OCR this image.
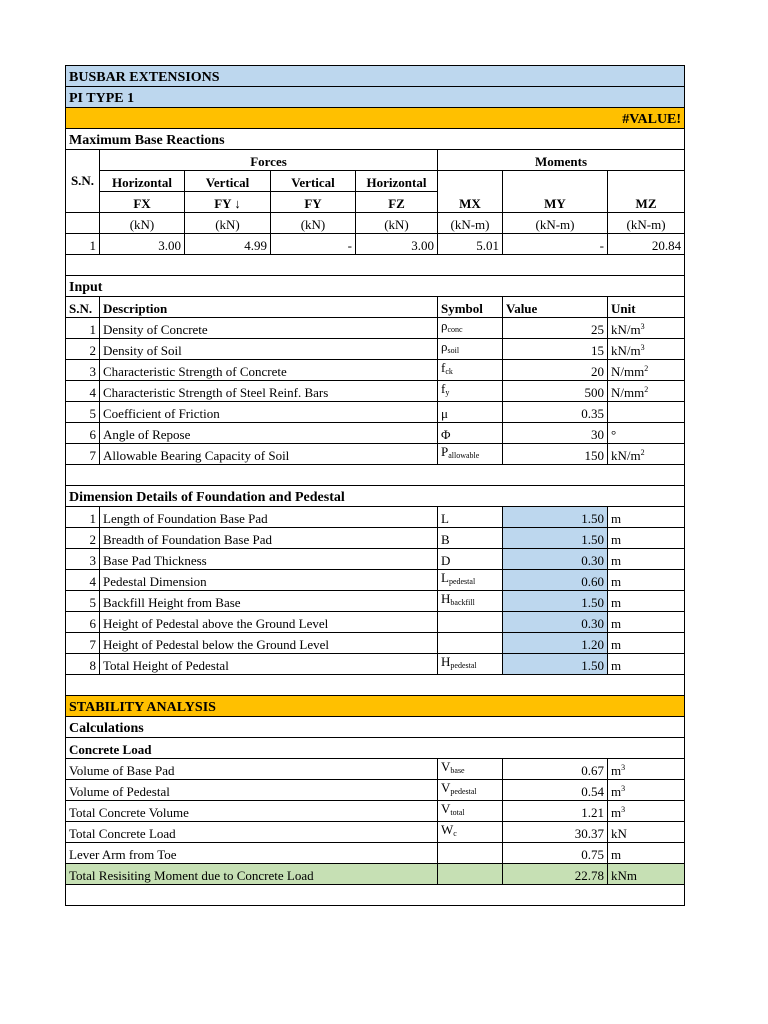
BUSBAR EXTENSIONS							
PI TYPE 1							
#VALUE!							
Maximum Base Reactions							
S.N.	Forces				Moments		
	Horizontal	Vertical	Vertical	Horizontal			
	FX	FY ↓	FY	FZ	MX	MY	MZ
	(kN)	(kN)	(kN)	(kN)	(kN-m)	(kN-m)	(kN-m)
1	3.00	4.99	-	3.00	5.01	-	20.84

Input							
S.N.	Description				Symbol	Value	Unit
1	Density of Concrete				$\rho_{conc}$	25	$kN/m^3$
2	Density of Soil				$\rho_{soil}$	15	$kN/m^3$
3	Characteristic Strength of Concrete				$f_{ck}$	20	$N/mm^2$
4	Characteristic Strength of Steel Reinf. Bars				$f_y$	500	$N/mm^2$
5	Coefficient of Friction				μ	0.35	
6	Angle of Repose				Φ	30	°
7	Allowable Bearing Capacity of Soil				$P_{allowable}$	150	$kN/m^2$

Dimension Details of Foundation and Pedestal							
1	Length of Foundation Base Pad				L	1.50	m
2	Breadth of Foundation Base Pad				B	1.50	m
3	Base Pad Thickness				D	0.30	m
4	Pedestal Dimension				$L_{pedestal}$	0.60	m
5	Backfill Height from Base				$H_{backfill}$	1.50	m
6	Height of Pedestal above the Ground Level					0.30	m
7	Height of Pedestal below the Ground Level					1.20	m
8	Total Height of Pedestal				$H_{pedestal}$	1.50	m

STABILITY ANALYSIS							
Calculations							
Concrete Load							
Volume of Base Pad					$V_{base}$	0.67	$m^3$
Volume of Pedestal					$V_{pedestal}$	0.54	$m^3$
Total Concrete Volume					$V_{total}$	1.21	$m^3$
Total Concrete Load					$W_c$	30.37	kN
Lever Arm from Toe						0.75	m
Total Resisiting Moment due to Concrete Load						22.78	kNm
